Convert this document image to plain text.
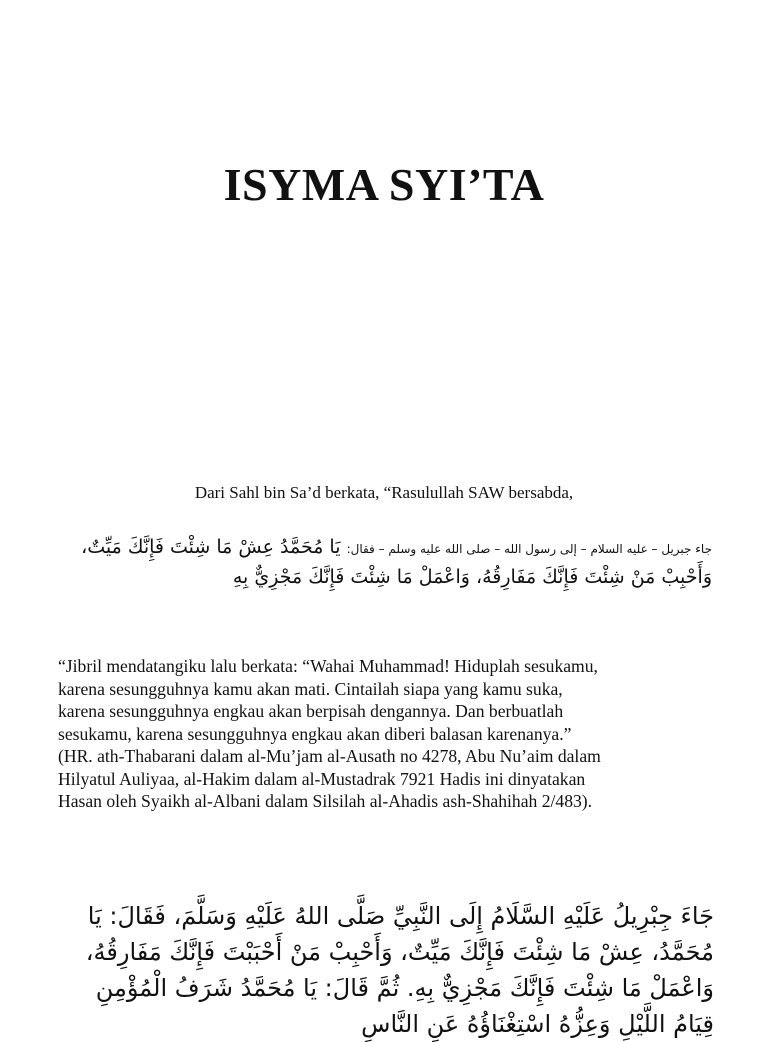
ISYMA SYI’TA

Dari Sahl bin Sa’d berkata, “Rasulullah SAW bersabda,

جاء جبريل – عليه السلام – إلى رسول الله – صلى الله عليه وسلم – فقال: يَا مُحَمَّدُ عِشْ مَا شِئْتَ فَإِنَّكَ مَيِّتٌ، وَأَحْبِبْ مَنْ شِئْتَ فَإِنَّكَ مَفَارِقُهُ، وَاعْمَلْ مَا شِئْتَ فَإِنَّكَ مَجْزِيٌّ بِهِ

“Jibril mendatangiku lalu berkata: “Wahai Muhammad! Hiduplah sesukamu,
karena sesungguhnya kamu akan mati. Cintailah siapa yang kamu suka,
karena sesungguhnya engkau akan berpisah dengannya. Dan berbuatlah
sesukamu, karena sesungguhnya engkau akan diberi balasan karenanya.”
(HR. ath-Thabarani dalam al-Mu’jam al-Ausath no 4278, Abu Nu’aim dalam
Hilyatul Auliyaa, al-Hakim dalam al-Mustadrak 7921 Hadis ini dinyatakan
Hasan oleh Syaikh al-Albani dalam Silsilah al-Ahadis ash-Shahihah 2/483).

جَاءَ جِبْرِيلُ عَلَيْهِ السَّلَامُ إِلَى النَّبِيِّ صَلَّى اللهُ عَلَيْهِ وَسَلَّمَ، فَقَالَ: يَا مُحَمَّدُ، عِشْ مَا شِئْتَ فَإِنَّكَ مَيِّتٌ، وَأَحْبِبْ مَنْ أَحْبَبْتَ فَإِنَّكَ مَفَارِقُهُ، وَاعْمَلْ مَا شِئْتَ فَإِنَّكَ مَجْزِيٌّ بِهِ. ثُمَّ قَالَ: يَا مُحَمَّدُ شَرَفُ الْمُؤْمِنِ قِيَامُ اللَّيْلِ وَعِزُّهُ اسْتِغْنَاؤُهُ عَنِ النَّاسِ
